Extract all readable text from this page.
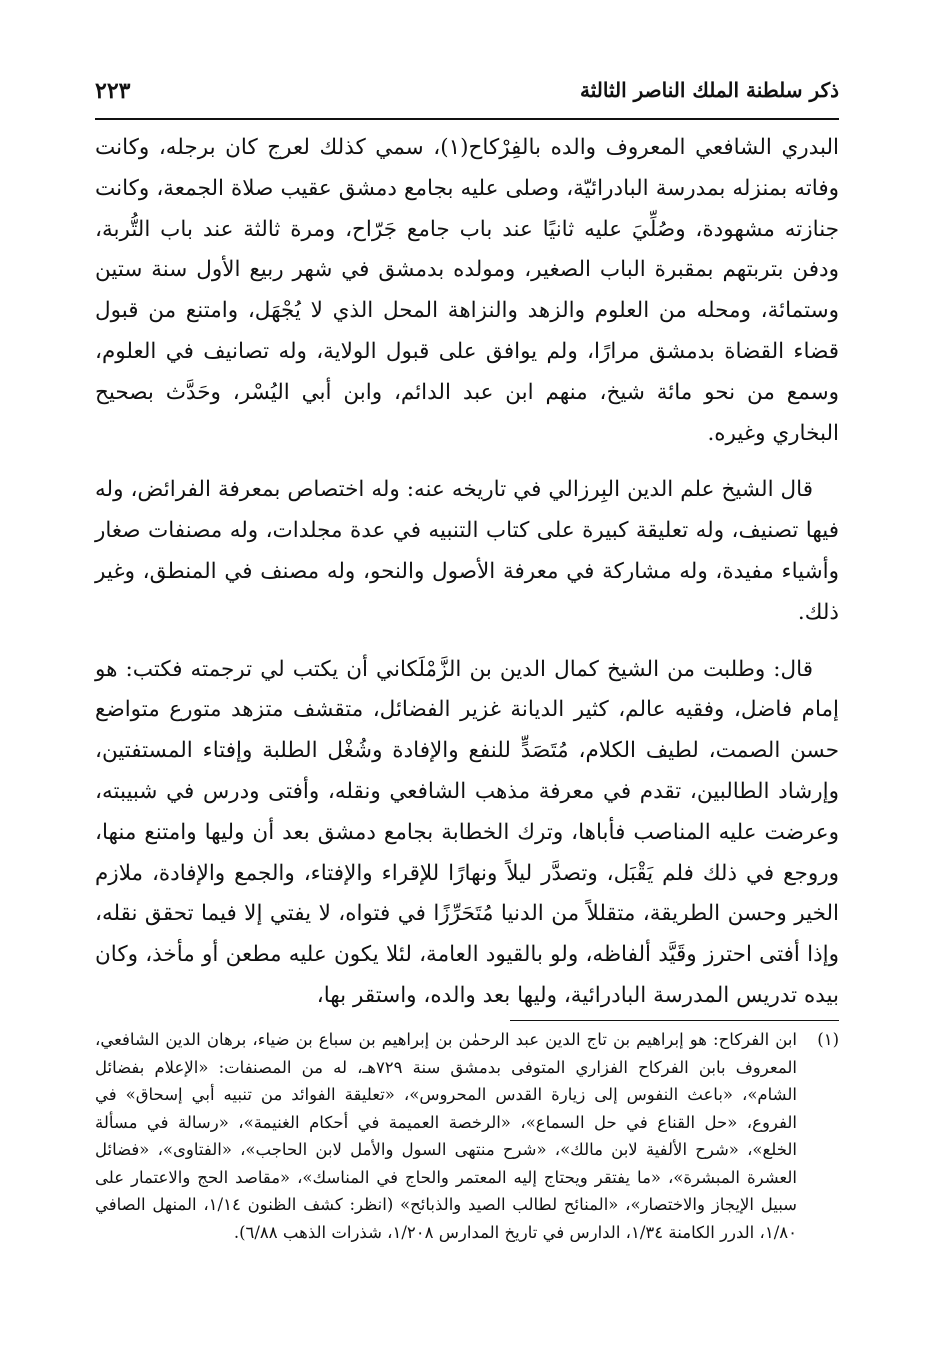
ذكر سلطنة الملك الناصر الثالثة
٢٢٣

البدري الشافعي المعروف والده بالفِرْكاح(١)، سمي كذلك لعرج كان برجله، وكانت وفاته بمنزله بمدرسة البادرائيّة، وصلى عليه بجامع دمشق عقيب صلاة الجمعة، وكانت جنازته مشهودة، وصُلِّيَ عليه ثانيًا عند باب جامع جَرّاح، ومرة ثالثة عند باب التُّربة، ودفن بتربتهم بمقبرة الباب الصغير، ومولده بدمشق في شهر ربيع الأول سنة ستين وستمائة، ومحله من العلوم والزهد والنزاهة المحل الذي لا يُجْهَل، وامتنع من قبول قضاء القضاة بدمشق مرارًا، ولم يوافق على قبول الولاية، وله تصانيف في العلوم، وسمع من نحو مائة شيخ، منهم ابن عبد الدائم، وابن أبي اليُسْر، وحَدَّث بصحيح البخاري وغيره.

قال الشيخ علم الدين البِرزالي في تاريخه عنه: وله اختصاص بمعرفة الفرائض، وله فيها تصنيف، وله تعليقة كبيرة على كتاب التنبيه في عدة مجلدات، وله مصنفات صغار وأشياء مفيدة، وله مشاركة في معرفة الأصول والنحو، وله مصنف في المنطق، وغير ذلك.

قال: وطلبت من الشيخ كمال الدين بن الزَّمْلَكاني أن يكتب لي ترجمته فكتب: هو إمام فاضل، وفقيه عالم، كثير الديانة غزير الفضائل، متقشف متزهد متورع متواضع حسن الصمت، لطيف الكلام، مُتَصَدٍّ للنفع والإفادة وشُغْل الطلبة وإفتاء المستفتين، وإرشاد الطالبين، تقدم في معرفة مذهب الشافعي ونقله، وأفتى ودرس في شبيبته، وعرضت عليه المناصب فأباها، وترك الخطابة بجامع دمشق بعد أن وليها وامتنع منها، وروجع في ذلك فلم يَقْبَل، وتصدَّر ليلاً ونهارًا للإقراء والإفتاء، والجمع والإفادة، ملازم الخير وحسن الطريقة، متقللاً من الدنيا مُتَحَرِّزًا في فتواه، لا يفتي إلا فيما تحقق نقله، وإذا أفتى احترز وقَيَّد ألفاظه، ولو بالقيود العامة، لئلا يكون عليه مطعن أو مأخذ، وكان بيده تدريس المدرسة البادرائية، وليها بعد والده، واستقر بها،

(١)

ابن الفركاح: هو إبراهيم بن تاج الدين عبد الرحمٰن بن إبراهيم بن سباع بن ضياء، برهان الدين الشافعي، المعروف بابن الفركاح الفزاري المتوفى بدمشق سنة ٧٢٩هـ، له من المصنفات: «الإعلام بفضائل الشام»، «باعث النفوس إلى زيارة القدس المحروس»، «تعليقة الفوائد من تنبيه أبي إسحاق» في الفروع، «حل القناع في حل السماع»، «الرخصة العميمة في أحكام الغنيمة»، «رسالة في مسألة الخلع»، «شرح الألفية لابن مالك»، «شرح منتهى السول والأمل لابن الحاجب»، «الفتاوى»، «فضائل العشرة المبشرة»، «ما يفتقر ويحتاج إليه المعتمر والحاج في المناسك»، «مقاصد الحج والاعتمار على سبيل الإيجاز والاختصار»، «المنائح لطالب الصيد والذبائح» (انظر: كشف الظنون ١/١٤، المنهل الصافي ١/٨٠، الدرر الكامنة ١/٣٤، الدارس في تاريخ المدارس ١/٢٠٨، شذرات الذهب ٦/٨٨).
